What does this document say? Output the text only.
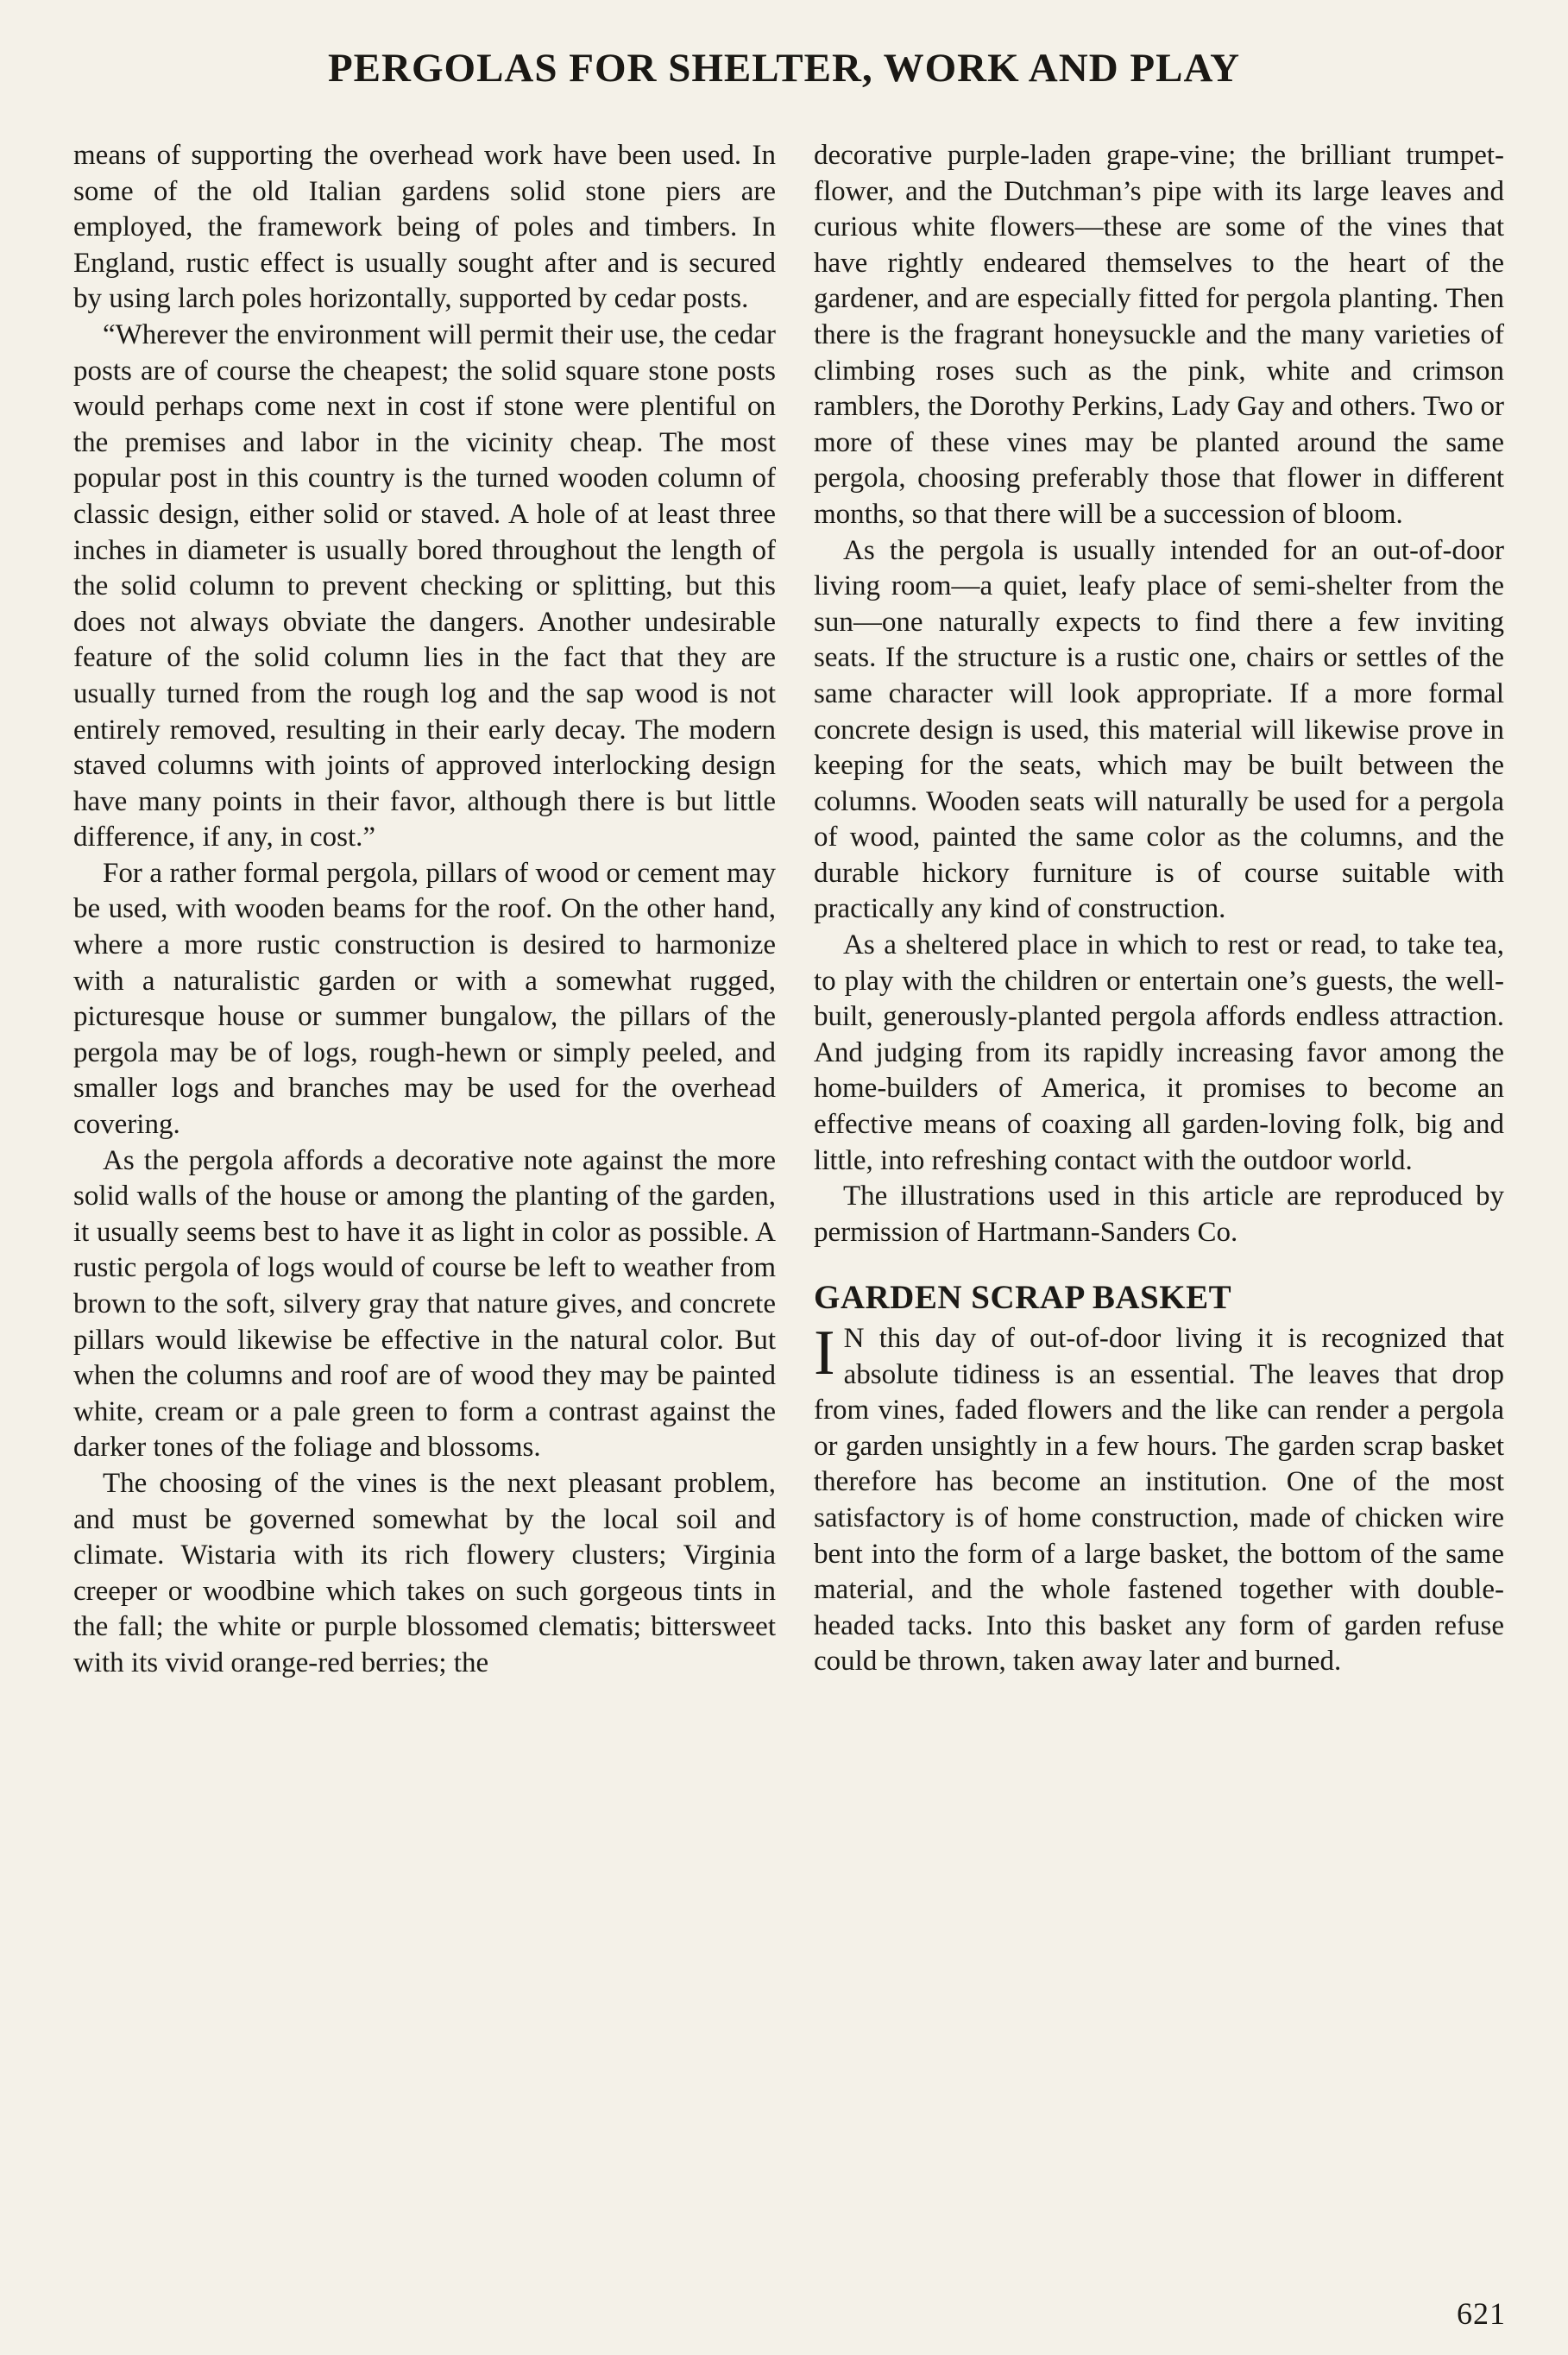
PERGOLAS FOR SHELTER, WORK AND PLAY

means of supporting the overhead work have been used. In some of the old Italian gardens solid stone piers are employed, the framework being of poles and timbers. In England, rustic effect is usually sought after and is secured by using larch poles horizontally, supported by cedar posts.

“Wherever the environment will permit their use, the cedar posts are of course the cheapest; the solid square stone posts would perhaps come next in cost if stone were plentiful on the premises and labor in the vicinity cheap. The most popular post in this country is the turned wooden column of classic design, either solid or staved. A hole of at least three inches in diameter is usually bored throughout the length of the solid column to prevent checking or splitting, but this does not always obviate the dangers. Another undesirable feature of the solid column lies in the fact that they are usually turned from the rough log and the sap wood is not entirely removed, resulting in their early decay. The modern staved columns with joints of approved interlocking design have many points in their favor, although there is but little difference, if any, in cost.”

For a rather formal pergola, pillars of wood or cement may be used, with wooden beams for the roof. On the other hand, where a more rustic construction is desired to harmonize with a naturalistic garden or with a somewhat rugged, picturesque house or summer bungalow, the pillars of the pergola may be of logs, rough-hewn or simply peeled, and smaller logs and branches may be used for the overhead covering.

As the pergola affords a decorative note against the more solid walls of the house or among the planting of the garden, it usually seems best to have it as light in color as possible. A rustic pergola of logs would of course be left to weather from brown to the soft, silvery gray that nature gives, and concrete pillars would likewise be effective in the natural color. But when the columns and roof are of wood they may be painted white, cream or a pale green to form a contrast against the darker tones of the foliage and blossoms.

The choosing of the vines is the next pleasant problem, and must be governed somewhat by the local soil and climate. Wistaria with its rich flowery clusters; Virginia creeper or woodbine which takes on such gorgeous tints in the fall; the white or purple blossomed clematis; bittersweet with its vivid orange-red berries; the

decorative purple-laden grape-vine; the brilliant trumpet-flower, and the Dutchman’s pipe with its large leaves and curious white flowers—these are some of the vines that have rightly endeared themselves to the heart of the gardener, and are especially fitted for pergola planting. Then there is the fragrant honeysuckle and the many varieties of climbing roses such as the pink, white and crimson ramblers, the Dorothy Perkins, Lady Gay and others. Two or more of these vines may be planted around the same pergola, choosing preferably those that flower in different months, so that there will be a succession of bloom.

As the pergola is usually intended for an out-of-door living room—a quiet, leafy place of semi-shelter from the sun—one naturally expects to find there a few inviting seats. If the structure is a rustic one, chairs or settles of the same character will look appropriate. If a more formal concrete design is used, this material will likewise prove in keeping for the seats, which may be built between the columns. Wooden seats will naturally be used for a pergola of wood, painted the same color as the columns, and the durable hickory furniture is of course suitable with practically any kind of construction.

As a sheltered place in which to rest or read, to take tea, to play with the children or entertain one’s guests, the well-built, generously-planted pergola affords endless attraction. And judging from its rapidly increasing favor among the home-builders of America, it promises to become an effective means of coaxing all garden-loving folk, big and little, into refreshing contact with the outdoor world.

The illustrations used in this article are reproduced by permission of Hartmann-Sanders Co.

GARDEN SCRAP BASKET

I N this day of out-of-door living it is recognized that absolute tidiness is an essential. The leaves that drop from vines, faded flowers and the like can render a pergola or garden unsightly in a few hours. The garden scrap basket therefore has become an institution. One of the most satisfactory is of home construction, made of chicken wire bent into the form of a large basket, the bottom of the same material, and the whole fastened together with double-headed tacks. Into this basket any form of garden refuse could be thrown, taken away later and burned.

621
